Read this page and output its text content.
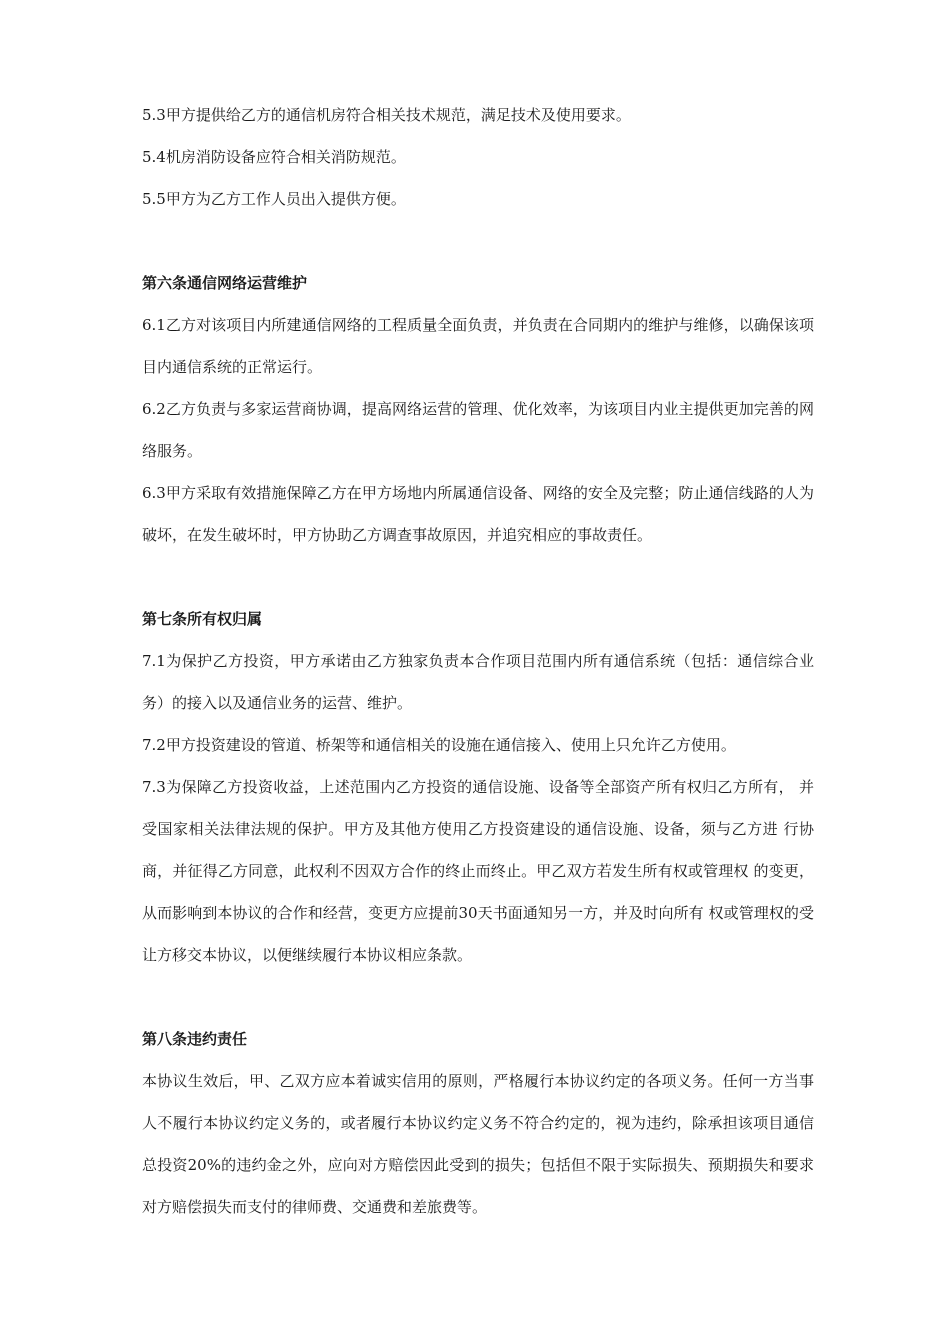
5.3甲方提供给乙方的通信机房符合相关技术规范，满足技术及使用要求。

5.4机房消防设备应符合相关消防规范。

5.5甲方为乙方工作人员出入提供方便。

第六条通信网络运营维护

6.1乙方对该项目内所建通信网络的工程质量全面负责，并负责在合同期内的维护与维修，以确保该项目内通信系统的正常运行。

6.2乙方负责与多家运营商协调，提高网络运营的管理、优化效率，为该项目内业主提供更加完善的网络服务。

6.3甲方采取有效措施保障乙方在甲方场地内所属通信设备、网络的安全及完整；防止通信线路的人为破坏，在发生破坏时，甲方协助乙方调查事故原因，并追究相应的事故责任。

第七条所有权归属

7.1为保护乙方投资，甲方承诺由乙方独家负责本合作项目范围内所有通信系统（包括：通信综合业务）的接入以及通信业务的运营、维护。

7.2甲方投资建设的管道、桥架等和通信相关的设施在通信接入、使用上只允许乙方使用。

7.3为保障乙方投资收益，上述范围内乙方投资的通信设施、设备等全部资产所有权归乙方所有， 并受国家相关法律法规的保护。甲方及其他方使用乙方投资建设的通信设施、设备，须与乙方进 行协商，并征得乙方同意，此权利不因双方合作的终止而终止。甲乙双方若发生所有权或管理权 的变更，从而影响到本协议的合作和经营，变更方应提前30天书面通知另一方，并及时向所有 权或管理权的受让方移交本协议，以便继续履行本协议相应条款。

第八条违约责任

本协议生效后，甲、乙双方应本着诚实信用的原则，严格履行本协议约定的各项义务。任何一方当事人不履行本协议约定义务的，或者履行本协议约定义务不符合约定的，视为违约，除承担该项目通信总投资20%的违约金之外，应向对方赔偿因此受到的损失；包括但不限于实际损失、预期损失和要求对方赔偿损失而支付的律师费、交通费和差旅费等。
